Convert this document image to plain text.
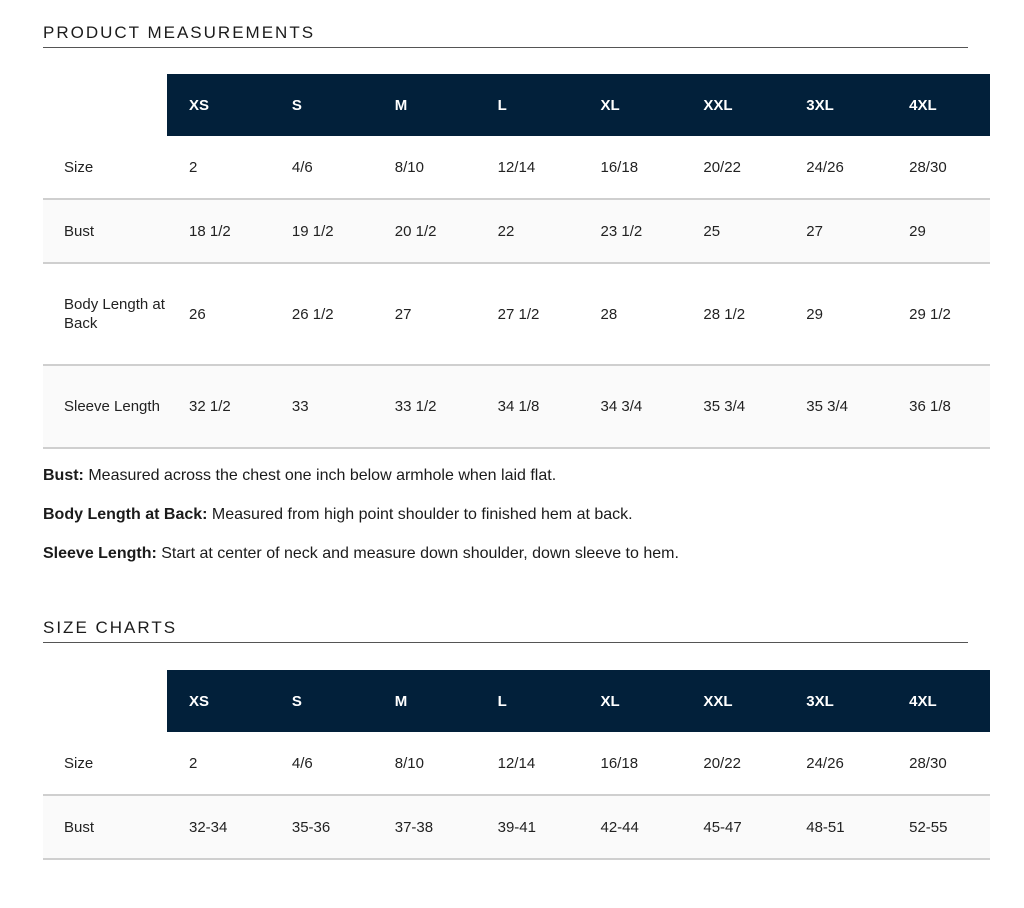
PRODUCT MEASUREMENTS
	XS	S	M	L	XL	XXL	3XL	4XL
Size	2	4/6	8/10	12/14	16/18	20/22	24/26	28/30
Bust	18 1/2	19 1/2	20 1/2	22	23 1/2	25	27	29
Body Length at Back	26	26 1/2	27	27 1/2	28	28 1/2	29	29 1/2
Sleeve Length	32 1/2	33	33 1/2	34 1/8	34 3/4	35 3/4	35 3/4	36 1/8

Bust: Measured across the chest one inch below armhole when laid flat.

Body Length at Back: Measured from high point shoulder to finished hem at back.

Sleeve Length: Start at center of neck and measure down shoulder, down sleeve to hem.

SIZE CHARTS
	XS	S	M	L	XL	XXL	3XL	4XL
Size	2	4/6	8/10	12/14	16/18	20/22	24/26	28/30
Bust	32-34	35-36	37-38	39-41	42-44	45-47	48-51	52-55
